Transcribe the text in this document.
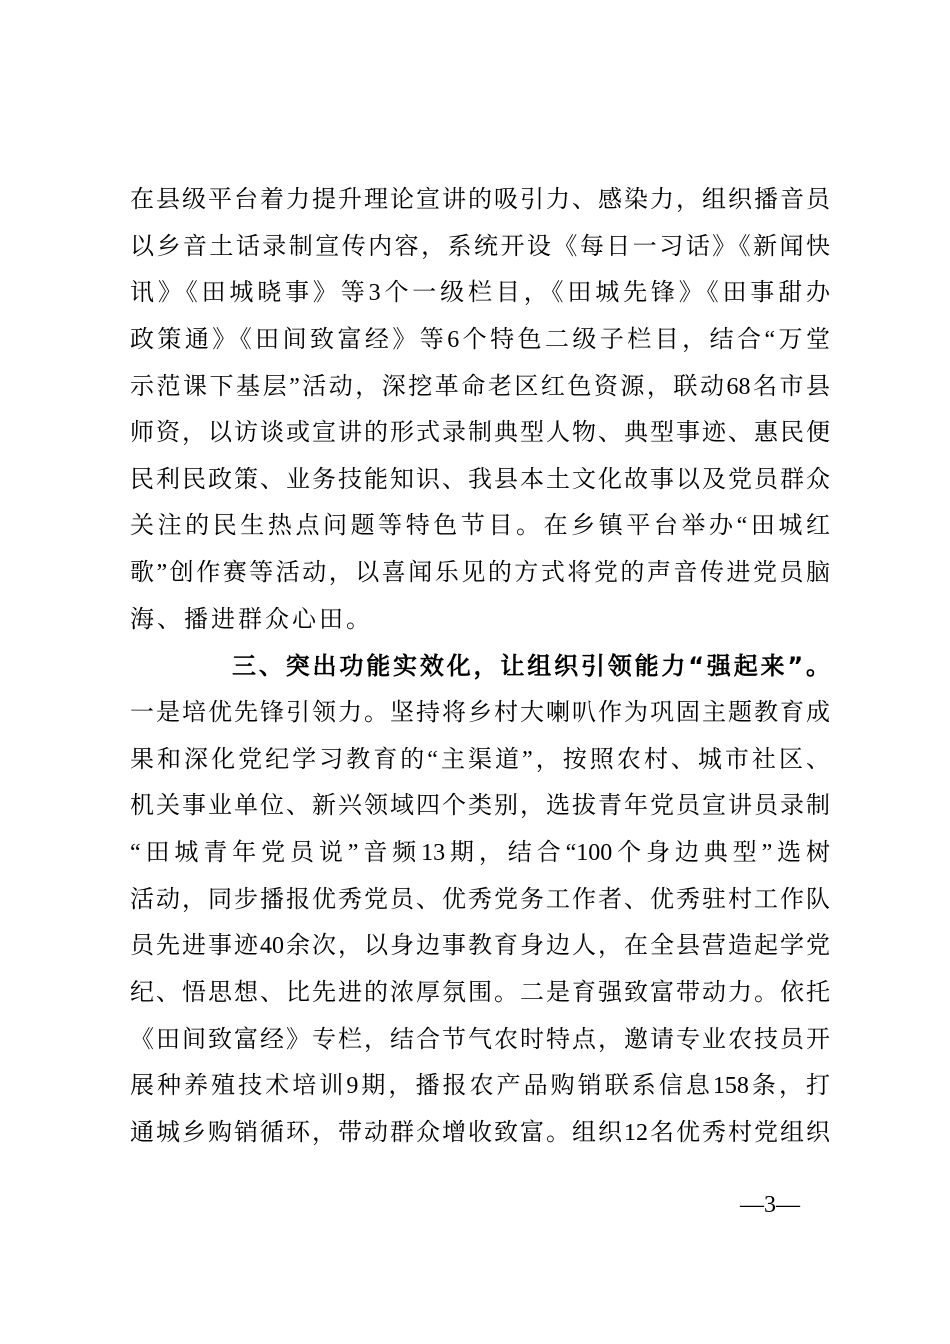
在县级平台着力提升理论宣讲的吸引力、感染力，组织播音员
以乡音土话录制宣传内容，系统开设《每日一习话》《新闻快
讯》《田城晓事》等3个一级栏目，《田城先锋》《田事甜办
政策通》《田间致富经》等6个特色二级子栏目，结合“万堂
示范课下基层”活动，深挖革命老区红色资源，联动68名市县
师资，以访谈或宣讲的形式录制典型人物、典型事迹、惠民便
民利民政策、业务技能知识、我县本土文化故事以及党员群众
关注的民生热点问题等特色节目。在乡镇平台举办“田城红
歌”创作赛等活动，以喜闻乐见的方式将党的声音传进党员脑
海、播进群众心田。
三、突出功能实效化，让组织引领能力“强起来”。
一是培优先锋引领力。坚持将乡村大喇叭作为巩固主题教育成
果和深化党纪学习教育的“主渠道”，按照农村、城市社区、
机关事业单位、新兴领域四个类别，选拔青年党员宣讲员录制
“田城青年党员说”音频13期，结合“100个身边典型”选树
活动，同步播报优秀党员、优秀党务工作者、优秀驻村工作队
员先进事迹40余次，以身边事教育身边人，在全县营造起学党
纪、悟思想、比先进的浓厚氛围。二是育强致富带动力。依托
《田间致富经》专栏，结合节气农时特点，邀请专业农技员开
展种养殖技术培训9期，播报农产品购销联系信息158条，打
通城乡购销循环，带动群众增收致富。组织12名优秀村党组织
—3—
